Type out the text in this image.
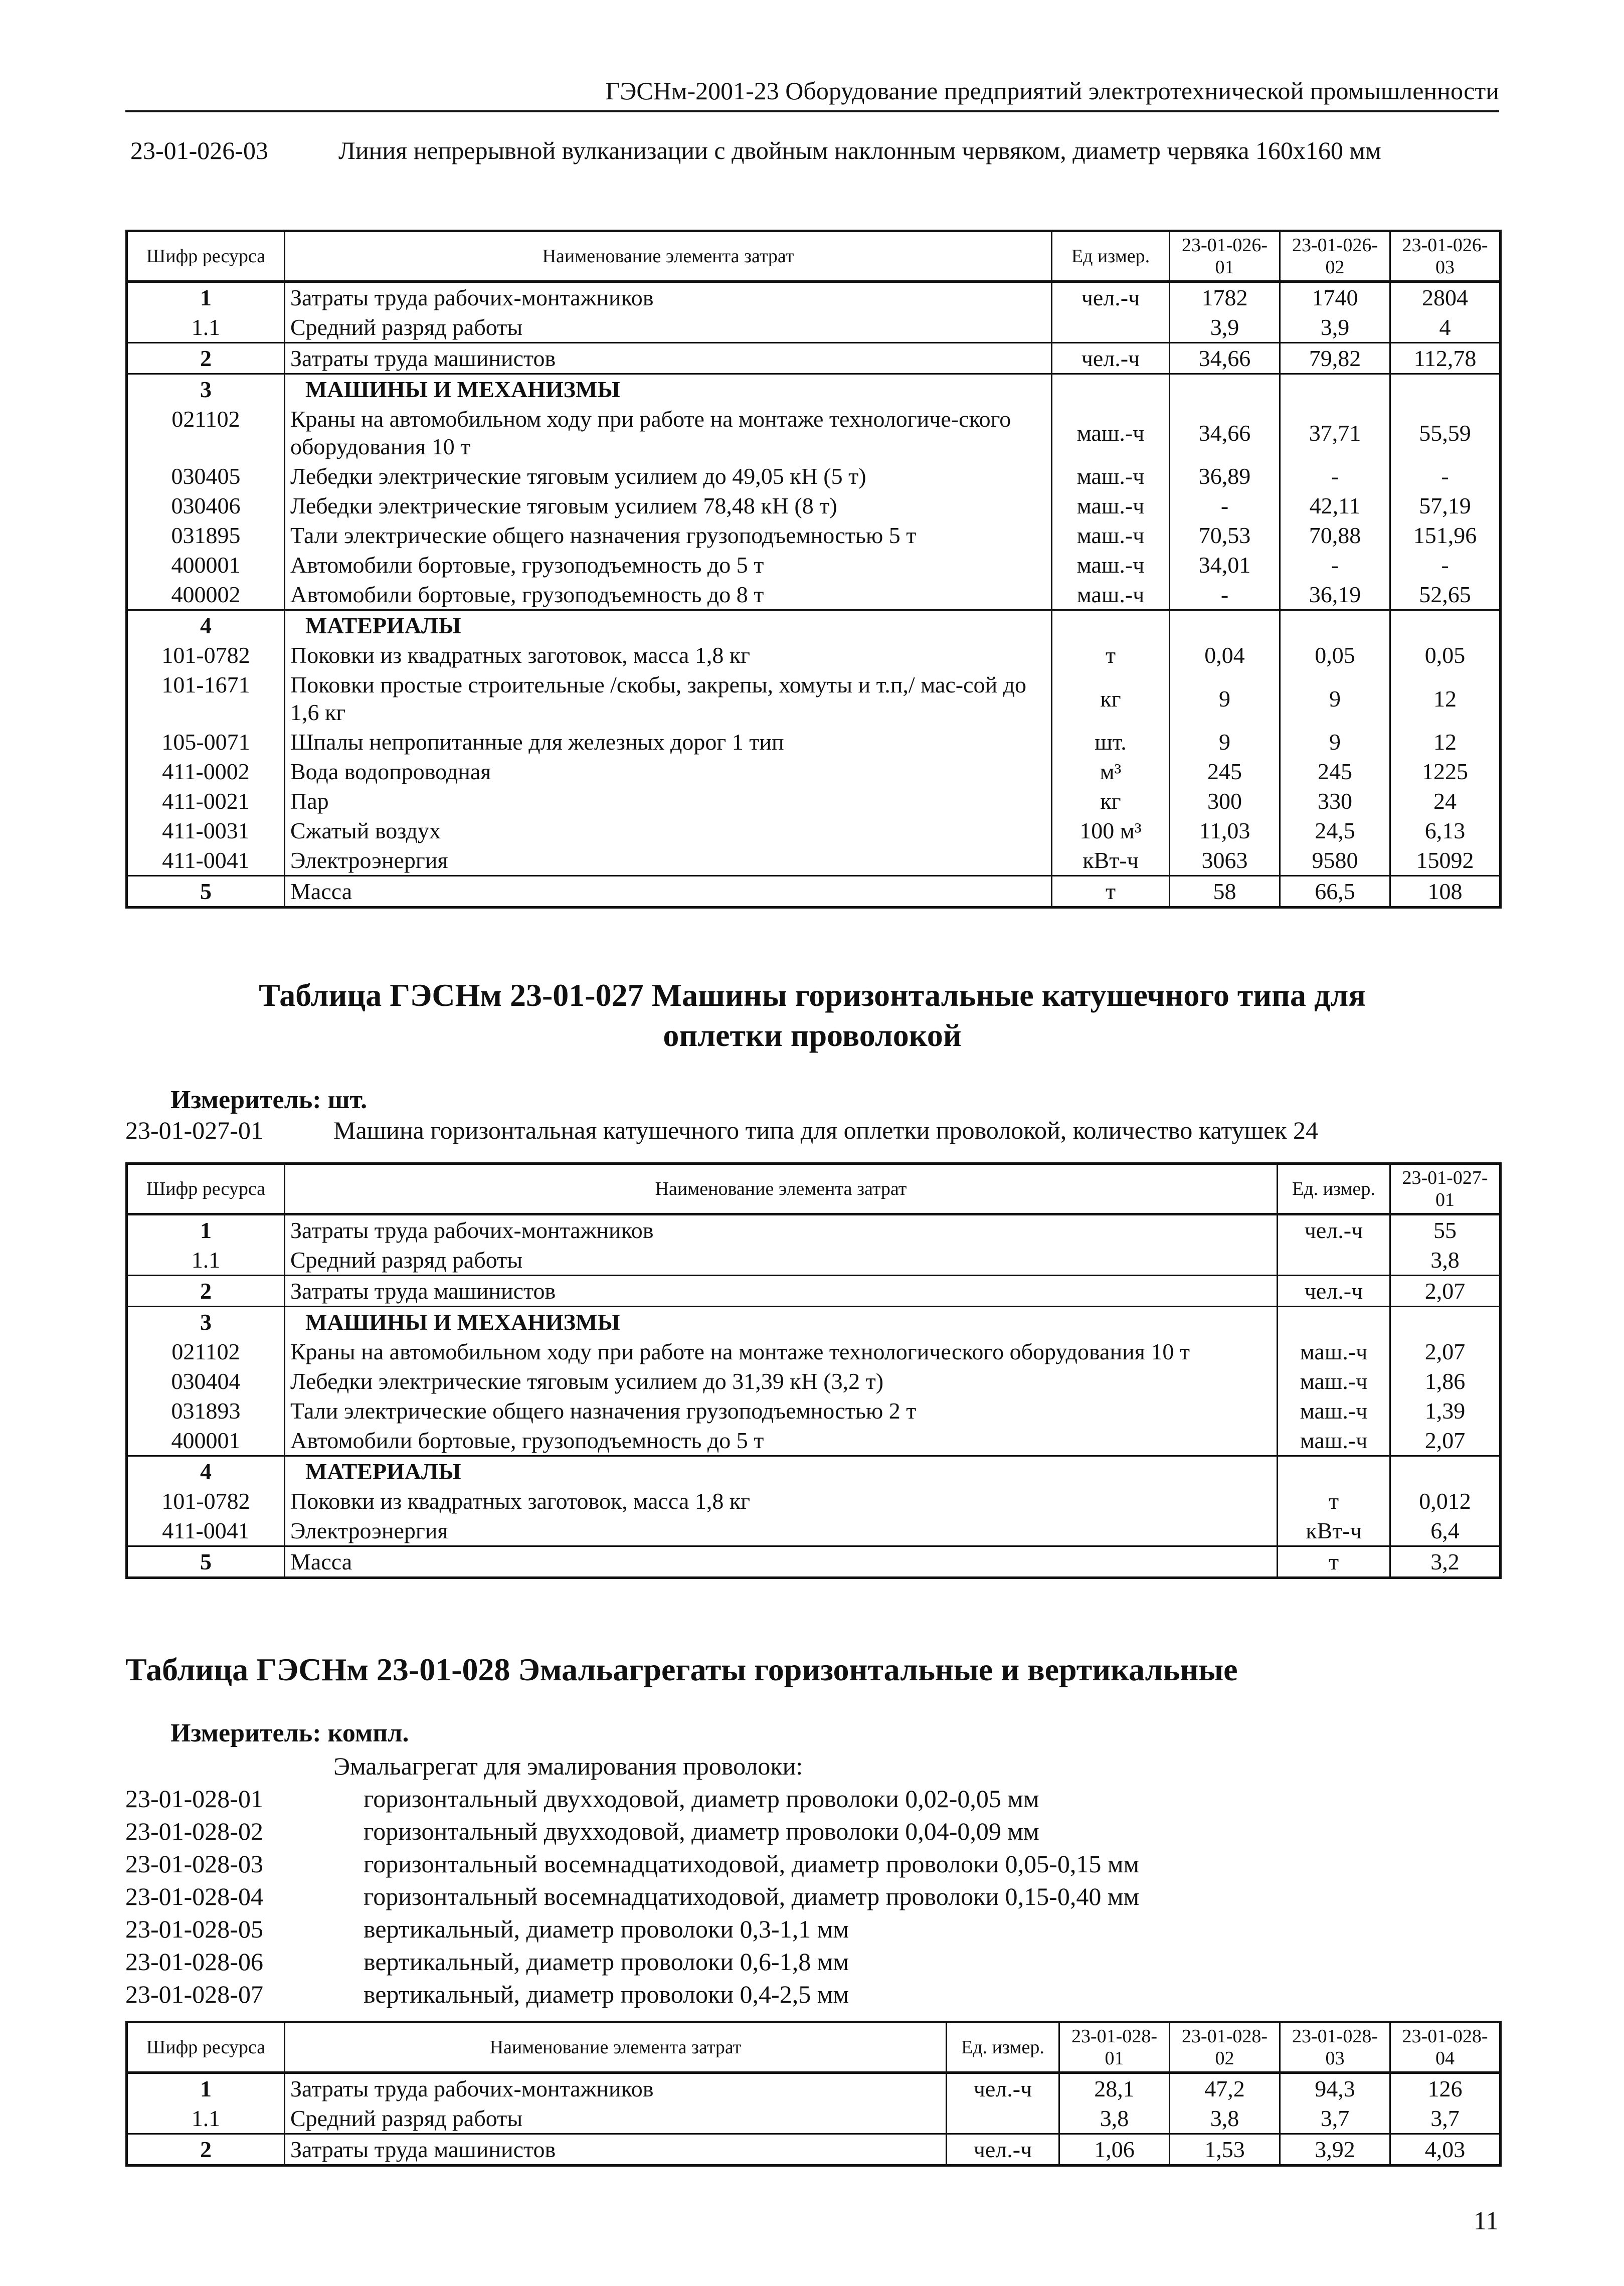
ГЭСНм-2001-23 Оборудование предприятий электротехнической промышленности
23-01-026-03	Линия непрерывной вулканизации с двойным наклонным червяком, диаметр червяка 160х160 мм
Шифр ресурса	Наименование элемента затрат	Ед измер.	23-01-026-01	23-01-026-02	23-01-026-03
1	Затраты труда рабочих-монтажников	чел.-ч	1782	1740	2804
1.1	Средний разряд работы		3,9	3,9	4
2	Затраты труда машинистов	чел.-ч	34,66	79,82	112,78
3	МАШИНЫ И МЕХАНИЗМЫ				
021102	Краны на автомобильном ходу при работе на монтаже технологиче-ского оборудования 10 т	маш.-ч	34,66	37,71	55,59
030405	Лебедки электрические тяговым усилием до 49,05 кН (5 т)	маш.-ч	36,89	-	-
030406	Лебедки электрические тяговым усилием 78,48 кН (8 т)	маш.-ч	-	42,11	57,19
031895	Тали электрические общего назначения грузоподъемностью 5 т	маш.-ч	70,53	70,88	151,96
400001	Автомобили бортовые, грузоподъемность до 5 т	маш.-ч	34,01	-	-
400002	Автомобили бортовые, грузоподъемность до 8 т	маш.-ч	-	36,19	52,65
4	МАТЕРИАЛЫ				
101-0782	Поковки из квадратных заготовок, масса 1,8 кг	т	0,04	0,05	0,05
101-1671	Поковки простые строительные /скобы, закрепы, хомуты и т.п,/ мас-сой до 1,6 кг	кг	9	9	12
105-0071	Шпалы непропитанные для железных дорог 1 тип	шт.	9	9	12
411-0002	Вода водопроводная	м³	245	245	1225
411-0021	Пар	кг	300	330	24
411-0031	Сжатый воздух	100 м³	11,03	24,5	6,13
411-0041	Электроэнергия	кВт-ч	3063	9580	15092
5	Масса	т	58	66,5	108
Таблица ГЭСНм 23-01-027 Машины горизонтальные катушечного типа для оплетки проволокой
Измеритель: шт.
23-01-027-01	Машина горизонтальная катушечного типа для оплетки проволокой, количество катушек 24
Шифр ресурса	Наименование элемента затрат	Ед. измер.	23-01-027-01
1	Затраты труда рабочих-монтажников	чел.-ч	55
1.1	Средний разряд работы		3,8
2	Затраты труда машинистов	чел.-ч	2,07
3	МАШИНЫ И МЕХАНИЗМЫ		
021102	Краны на автомобильном ходу при работе на монтаже технологического оборудования 10 т	маш.-ч	2,07
030404	Лебедки электрические тяговым усилием до 31,39 кН (3,2 т)	маш.-ч	1,86
031893	Тали электрические общего назначения грузоподъемностью 2 т	маш.-ч	1,39
400001	Автомобили бортовые, грузоподъемность до 5 т	маш.-ч	2,07
4	МАТЕРИАЛЫ		
101-0782	Поковки из квадратных заготовок, масса 1,8 кг	т	0,012
411-0041	Электроэнергия	кВт-ч	6,4
5	Масса	т	3,2
Таблица ГЭСНм 23-01-028 Эмальагрегаты горизонтальные и вертикальные
Измеритель: компл.
Эмальагрегат для эмалирования проволоки:
23-01-028-01	горизонтальный двухходовой, диаметр проволоки 0,02-0,05 мм
23-01-028-02	горизонтальный двухходовой, диаметр проволоки 0,04-0,09 мм
23-01-028-03	горизонтальный восемнадцатиходовой, диаметр проволоки 0,05-0,15 мм
23-01-028-04	горизонтальный восемнадцатиходовой, диаметр проволоки 0,15-0,40 мм
23-01-028-05	вертикальный, диаметр проволоки 0,3-1,1 мм
23-01-028-06	вертикальный, диаметр проволоки 0,6-1,8 мм
23-01-028-07	вертикальный, диаметр проволоки 0,4-2,5 мм
Шифр ресурса	Наименование элемента затрат	Ед. измер.	23-01-028-01	23-01-028-02	23-01-028-03	23-01-028-04
1	Затраты труда рабочих-монтажников	чел.-ч	28,1	47,2	94,3	126
1.1	Средний разряд работы		3,8	3,8	3,7	3,7
2	Затраты труда машинистов	чел.-ч	1,06	1,53	3,92	4,03
11
